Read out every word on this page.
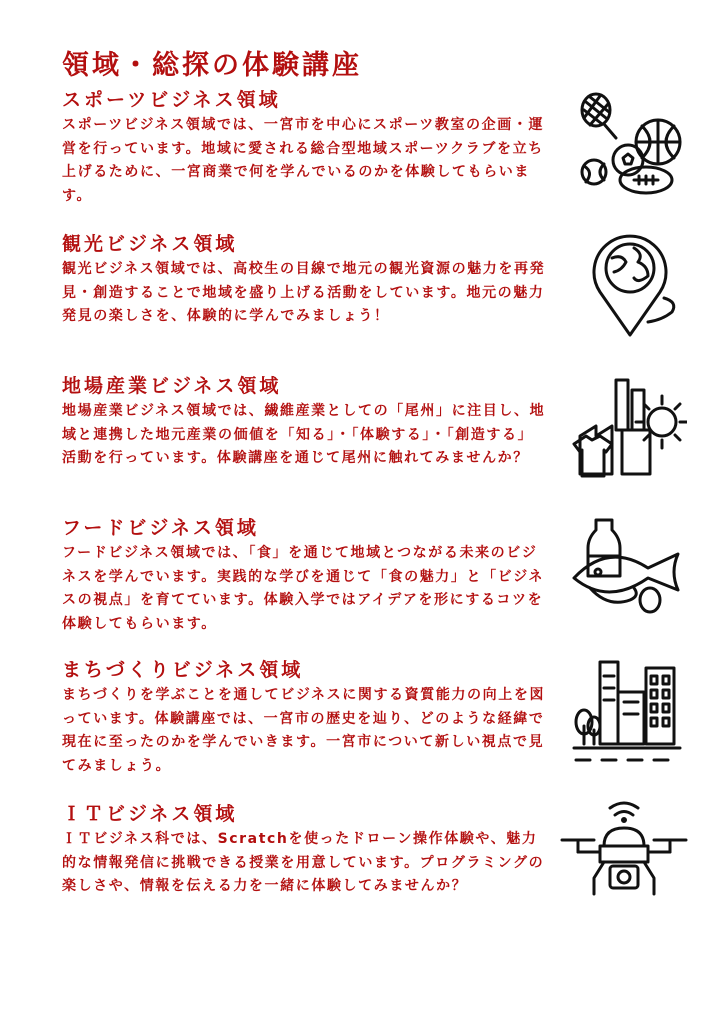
領域・総探の体験講座
スポーツビジネス領域

スポーツビジネス領域では、一宮市を中心にスポーツ教室の企画・運営を行っています。地域に愛される総合型地域スポーツクラブを立ち上げるために、一宮商業で何を学んでいるのかを体験してもらいます。

観光ビジネス領域

観光ビジネス領域では、高校生の目線で地元の観光資源の魅力を再発見・創造することで地域を盛り上げる活動をしています。地元の魅力発見の楽しさを、体験的に学んでみましょう！

地場産業ビジネス領域

地場産業ビジネス領域では、繊維産業としての「尾州」に注目し、地域と連携した地元産業の価値を「知る」・「体験する」・「創造する」活動を行っています。体験講座を通じて尾州に触れてみませんか？

フードビジネス領域

フードビジネス領域では、「食」を通じて地域とつながる未来のビジネスを学んでいます。実践的な学びを通じて「食の魅力」と「ビジネスの視点」を育てています。体験入学ではアイデアを形にするコツを体験してもらいます。

まちづくりビジネス領域

まちづくりを学ぶことを通してビジネスに関する資質能力の向上を図っています。体験講座では、一宮市の歴史を辿り、どのような経緯で現在に至ったのかを学んでいきます。一宮市について新しい視点で見てみましょう。

ＩＴビジネス領域

ＩＴビジネス科では、Scratchを使ったドローン操作体験や、魅力的な情報発信に挑戦できる授業を用意しています。プログラミングの楽しさや、情報を伝える力を一緒に体験してみませんか？
